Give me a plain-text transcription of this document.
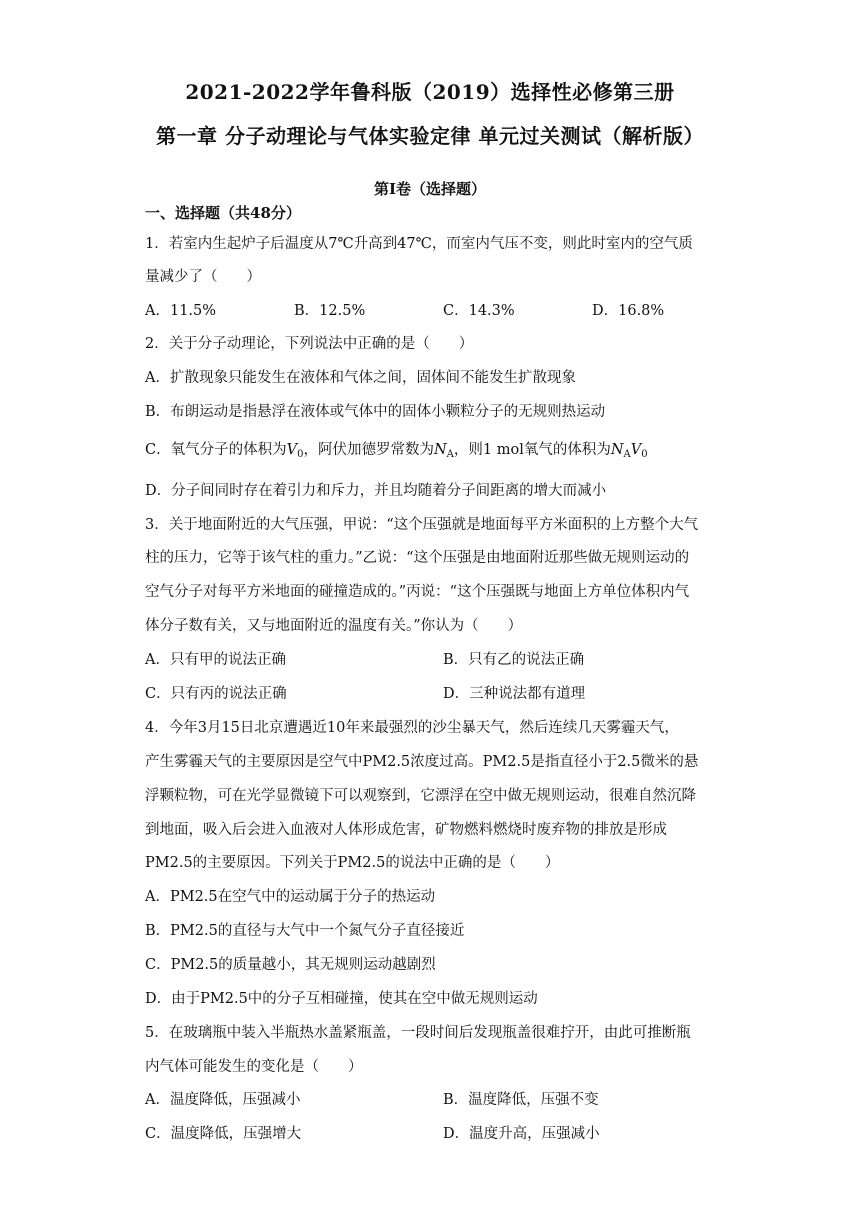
2021-2022学年鲁科版（2019）选择性必修第三册
第一章 分子动理论与气体实验定律 单元过关测试（解析版）
第Ⅰ卷（选择题）
一、选择题（共48分）
1．若室内生起炉子后温度从7℃升高到47℃，而室内气压不变，则此时室内的空气质
量减少了（　　）
A．11.5%	B．12.5%	C．14.3%	D．16.8%
2．关于分子动理论，下列说法中正确的是（　　）
A．扩散现象只能发生在液体和气体之间，固体间不能发生扩散现象
B．布朗运动是指悬浮在液体或气体中的固体小颗粒分子的无规则热运动
C．氧气分子的体积为$V_0$，阿伏加德罗常数为$N_A$，则1 mol氧气的体积为$N_AV_0$
D．分子间同时存在着引力和斥力，并且均随着分子间距离的增大而减小
3．关于地面附近的大气压强，甲说：“这个压强就是地面每平方米面积的上方整个大气
柱的压力，它等于该气柱的重力。”乙说：“这个压强是由地面附近那些做无规则运动的
空气分子对每平方米地面的碰撞造成的。”丙说：“这个压强既与地面上方单位体积内气
体分子数有关，又与地面附近的温度有关。”你认为（　　）
A．只有甲的说法正确	B．只有乙的说法正确
C．只有丙的说法正确	D．三种说法都有道理
4．今年3月15日北京遭遇近10年来最强烈的沙尘暴天气，然后连续几天雾霾天气，
产生雾霾天气的主要原因是空气中PM2.5浓度过高。PM2.5是指直径小于2.5微米的悬
浮颗粒物，可在光学显微镜下可以观察到，它漂浮在空中做无规则运动，很难自然沉降
到地面，吸入后会进入血液对人体形成危害，矿物燃料燃烧时废弃物的排放是形成
PM2.5的主要原因。下列关于PM2.5的说法中正确的是（　　）
A．PM2.5在空气中的运动属于分子的热运动
B．PM2.5的直径与大气中一个氮气分子直径接近
C．PM2.5的质量越小，其无规则运动越剧烈
D．由于PM2.5中的分子互相碰撞，使其在空中做无规则运动
5．在玻璃瓶中装入半瓶热水盖紧瓶盖，一段时间后发现瓶盖很难拧开，由此可推断瓶
内气体可能发生的变化是（　　）
A．温度降低，压强减小	B．温度降低，压强不变
C．温度降低，压强增大	D．温度升高，压强减小
